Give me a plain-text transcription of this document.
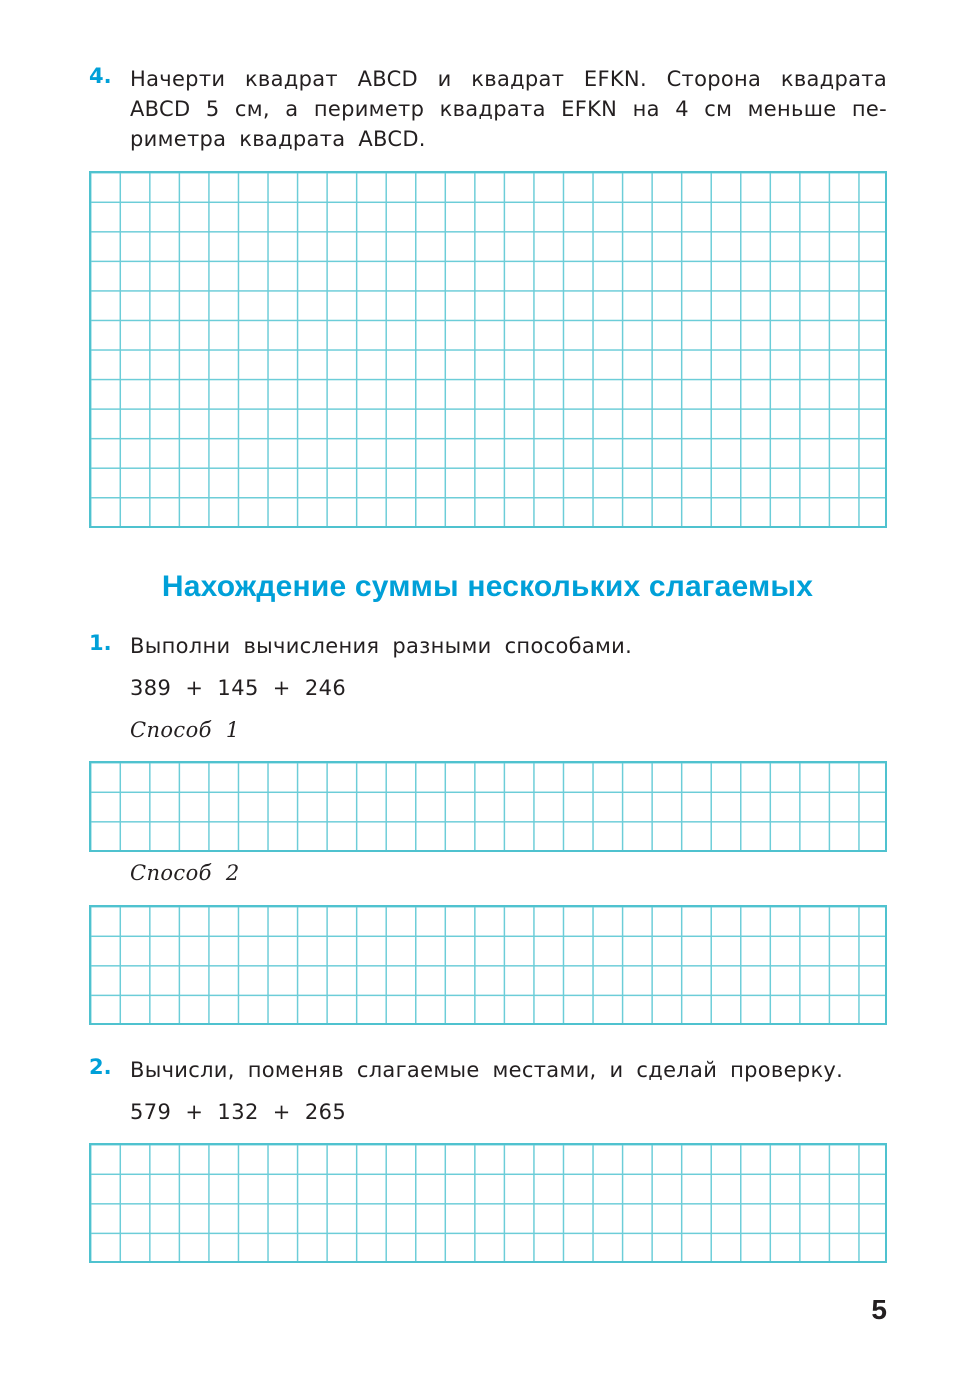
4. Начерти квадрат ABCD и квадрат EFKN. Сторона квадрата ABCD 5 см, а периметр квадрата EFKN на 4 см меньше пе-риметра квадрата ABCD.
Нахождение суммы нескольких слагаемых
1. Выполни вычисления разными способами.
389 + 145 + 246
Способ 1
Способ 2
2. Вычисли, поменяв слагаемые местами, и сделай проверку.
579 + 132 + 265
5
